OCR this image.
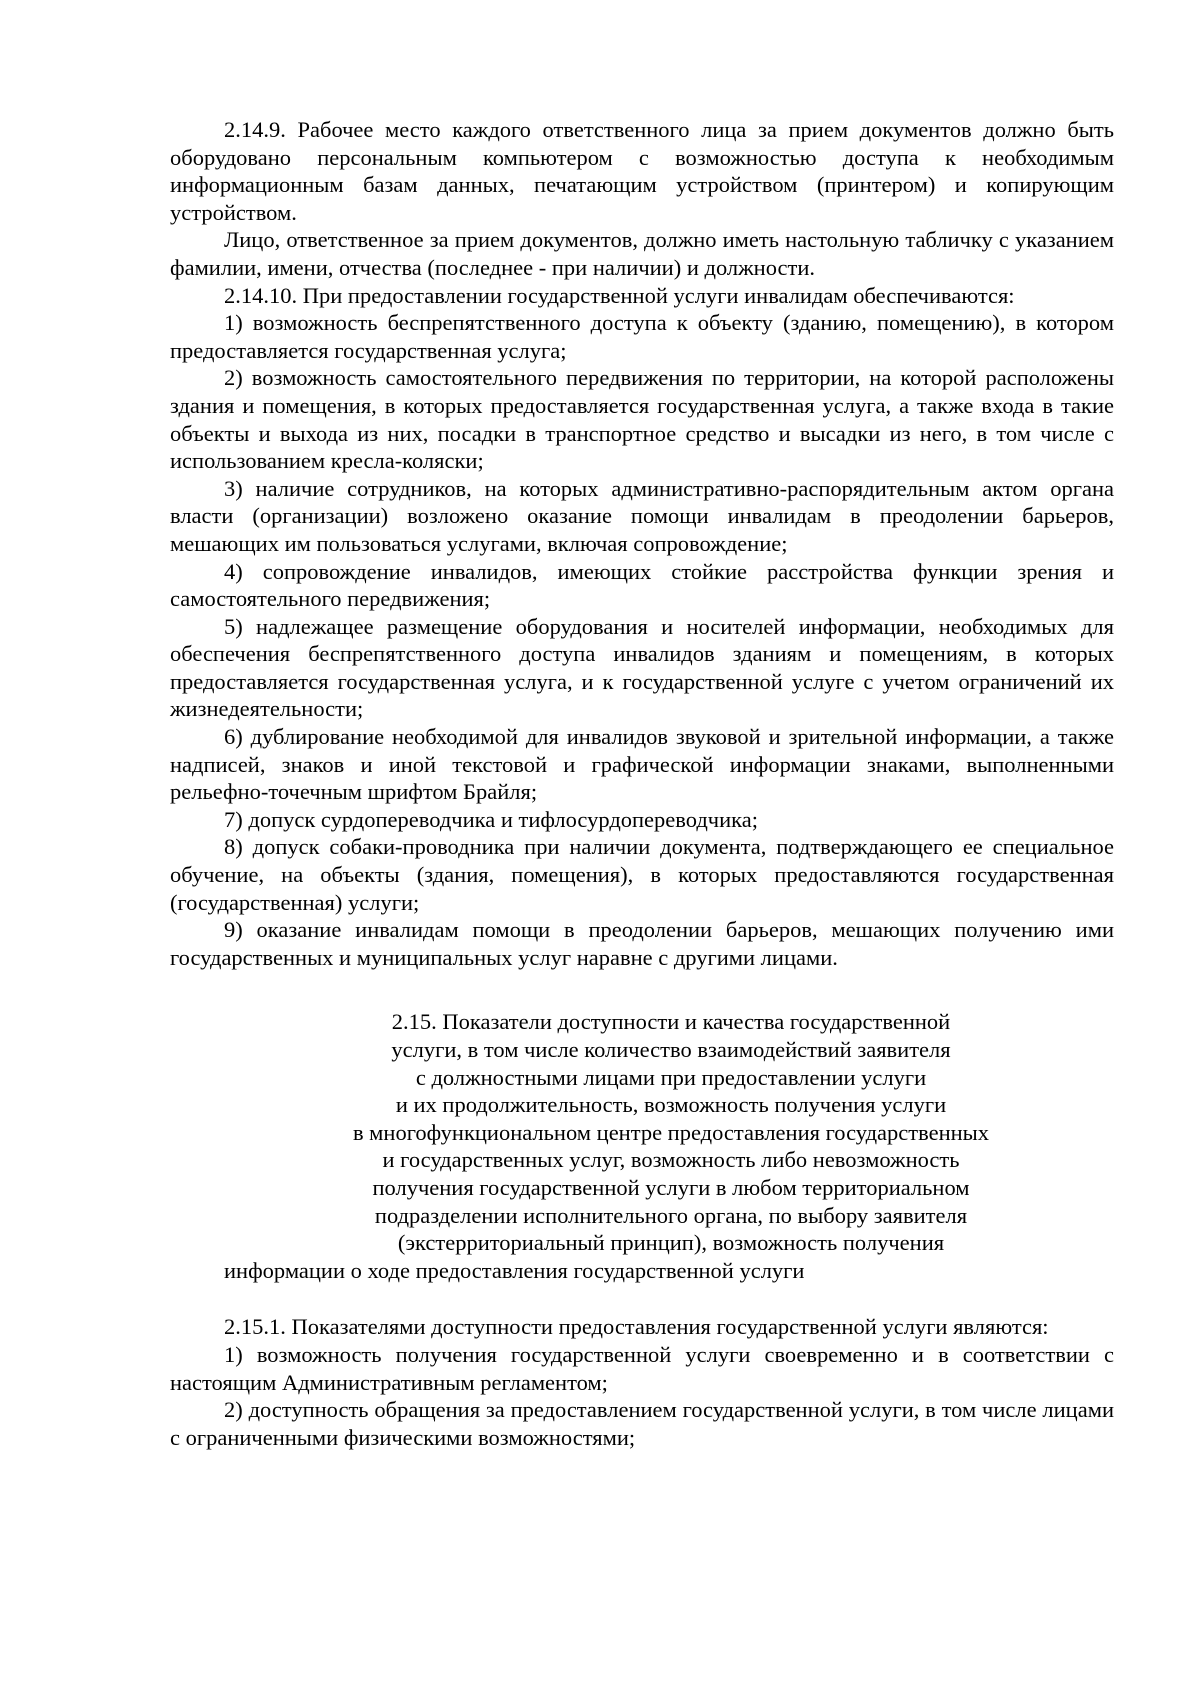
2.14.9. Рабочее место каждого ответственного лица за прием документов должно быть оборудовано персональным компьютером с возможностью доступа к необходимым информационным базам данных, печатающим устройством (принтером) и копирующим устройством.

Лицо, ответственное за прием документов, должно иметь настольную табличку с указанием фамилии, имени, отчества (последнее - при наличии) и должности.

2.14.10. При предоставлении государственной услуги инвалидам обеспечиваются:

1) возможность беспрепятственного доступа к объекту (зданию, помещению), в котором предоставляется государственная услуга;

2) возможность самостоятельного передвижения по территории, на которой расположены здания и помещения, в которых предоставляется государственная услуга, а также входа в такие объекты и выхода из них, посадки в транспортное средство и высадки из него, в том числе с использованием кресла-коляски;

3) наличие сотрудников, на которых административно-распорядительным актом органа власти (организации) возложено оказание помощи инвалидам в преодолении барьеров, мешающих им пользоваться услугами, включая сопровождение;

4) сопровождение инвалидов, имеющих стойкие расстройства функции зрения и самостоятельного передвижения;

5) надлежащее размещение оборудования и носителей информации, необходимых для обеспечения беспрепятственного доступа инвалидов зданиям и помещениям, в которых предоставляется государственная услуга, и к государственной услуге с учетом ограничений их жизнедеятельности;

6) дублирование необходимой для инвалидов звуковой и зрительной информации, а также надписей, знаков и иной текстовой и графической информации знаками, выполненными рельефно-точечным шрифтом Брайля;

7) допуск сурдопереводчика и тифлосурдопереводчика;

8) допуск собаки-проводника при наличии документа, подтверждающего ее специальное обучение, на объекты (здания, помещения), в которых предоставляются государственная (государственная) услуги;

9) оказание инвалидам помощи в преодолении барьеров, мешающих получению ими государственных и муниципальных услуг наравне с другими лицами.

2.15. Показатели доступности и качества государственной

услуги, в том числе количество взаимодействий заявителя

с должностными лицами при предоставлении услуги

и их продолжительность, возможность получения услуги

в многофункциональном центре предоставления государственных

и государственных услуг, возможность либо невозможность

получения государственной услуги в любом территориальном

подразделении исполнительного органа, по выбору заявителя

(экстерриториальный принцип), возможность получения

информации о ходе предоставления государственной услуги

2.15.1. Показателями доступности предоставления государственной услуги являются:

1) возможность получения государственной услуги своевременно и в соответствии с настоящим Административным регламентом;

2) доступность обращения за предоставлением государственной услуги, в том числе лицами с ограниченными физическими возможностями;
